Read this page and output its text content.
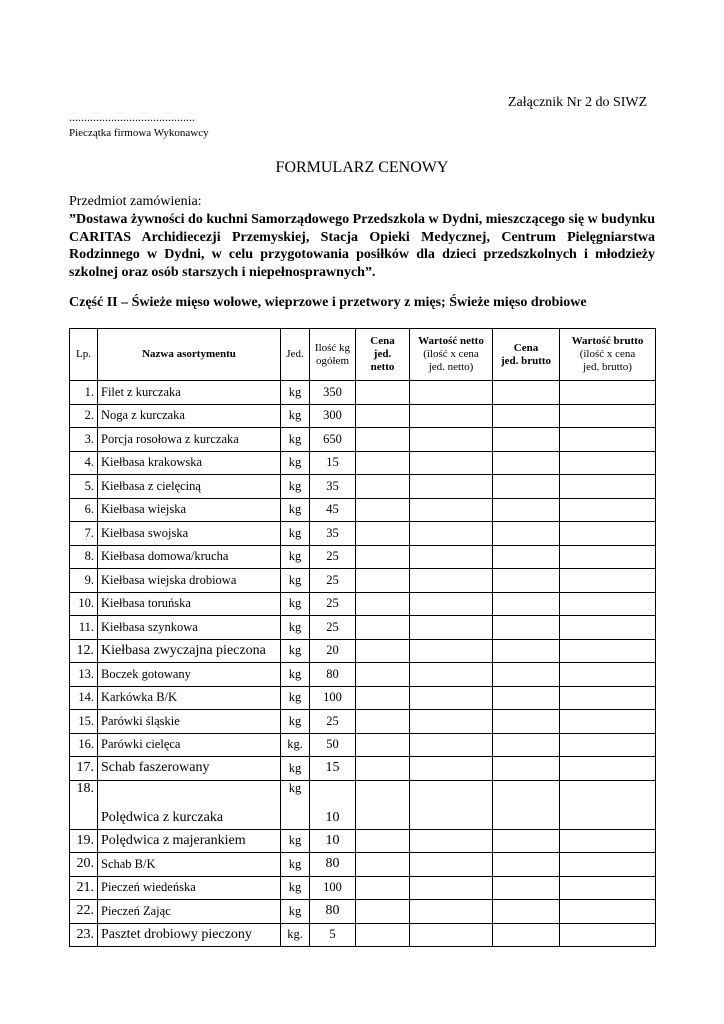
Załącznik Nr 2 do SIWZ
..........................................
Pieczątka firmowa Wykonawcy
FORMULARZ CENOWY
Przedmiot zamówienia:
”Dostawa żywności do kuchni Samorządowego Przedszkola w Dydni, mieszczącego się w budynku CARITAS Archidiecezji Przemyskiej, Stacja Opieki Medycznej, Centrum Pielęgniarstwa Rodzinnego w Dydni, w celu przygotowania posiłków dla dzieci przedszkolnych i młodzieży szkolnej oraz osób starszych i niepełnosprawnych”.
Część II – Świeże mięso wołowe, wieprzowe i przetwory z mięs; Świeże mięso drobiowe
Lp.	Nazwa asortymentu	Jed.	Ilość kg
ogółem	Cena
jed.
netto	Wartość netto
(ilość x cena
jed. netto)	Cena
jed. brutto	Wartość brutto
(ilość x cena
jed. brutto)
1.	Filet z kurczaka	kg	350				
2.	Noga z kurczaka	kg	300				
3.	Porcja rosołowa z kurczaka	kg	650				
4.	Kiełbasa krakowska	kg	15				
5.	Kiełbasa z cielęciną	kg	35				
6.	Kiełbasa wiejska	kg	45				
7.	Kiełbasa swojska	kg	35				
8.	Kiełbasa domowa/krucha	kg	25				
9.	Kiełbasa wiejska drobiowa	kg	25				
10.	Kiełbasa toruńska	kg	25				
11.	Kiełbasa szynkowa	kg	25				
12.	Kiełbasa zwyczajna pieczona	kg	20				
13.	Boczek gotowany	kg	80				
14.	Karkówka B/K	kg	100				
15.	Parówki śląskie	kg	25				
16.	Parówki cielęca	kg.	50				
17.	Schab faszerowany	kg	15				
18.	Polędwica z kurczaka	kg	10				
19.	Polędwica z majerankiem	kg	10				
20.	Schab B/K	kg	80				
21.	Pieczeń wiedeńska	kg	100				
22.	Pieczeń Zając	kg	80				
23.	Pasztet drobiowy pieczony	kg.	5				
